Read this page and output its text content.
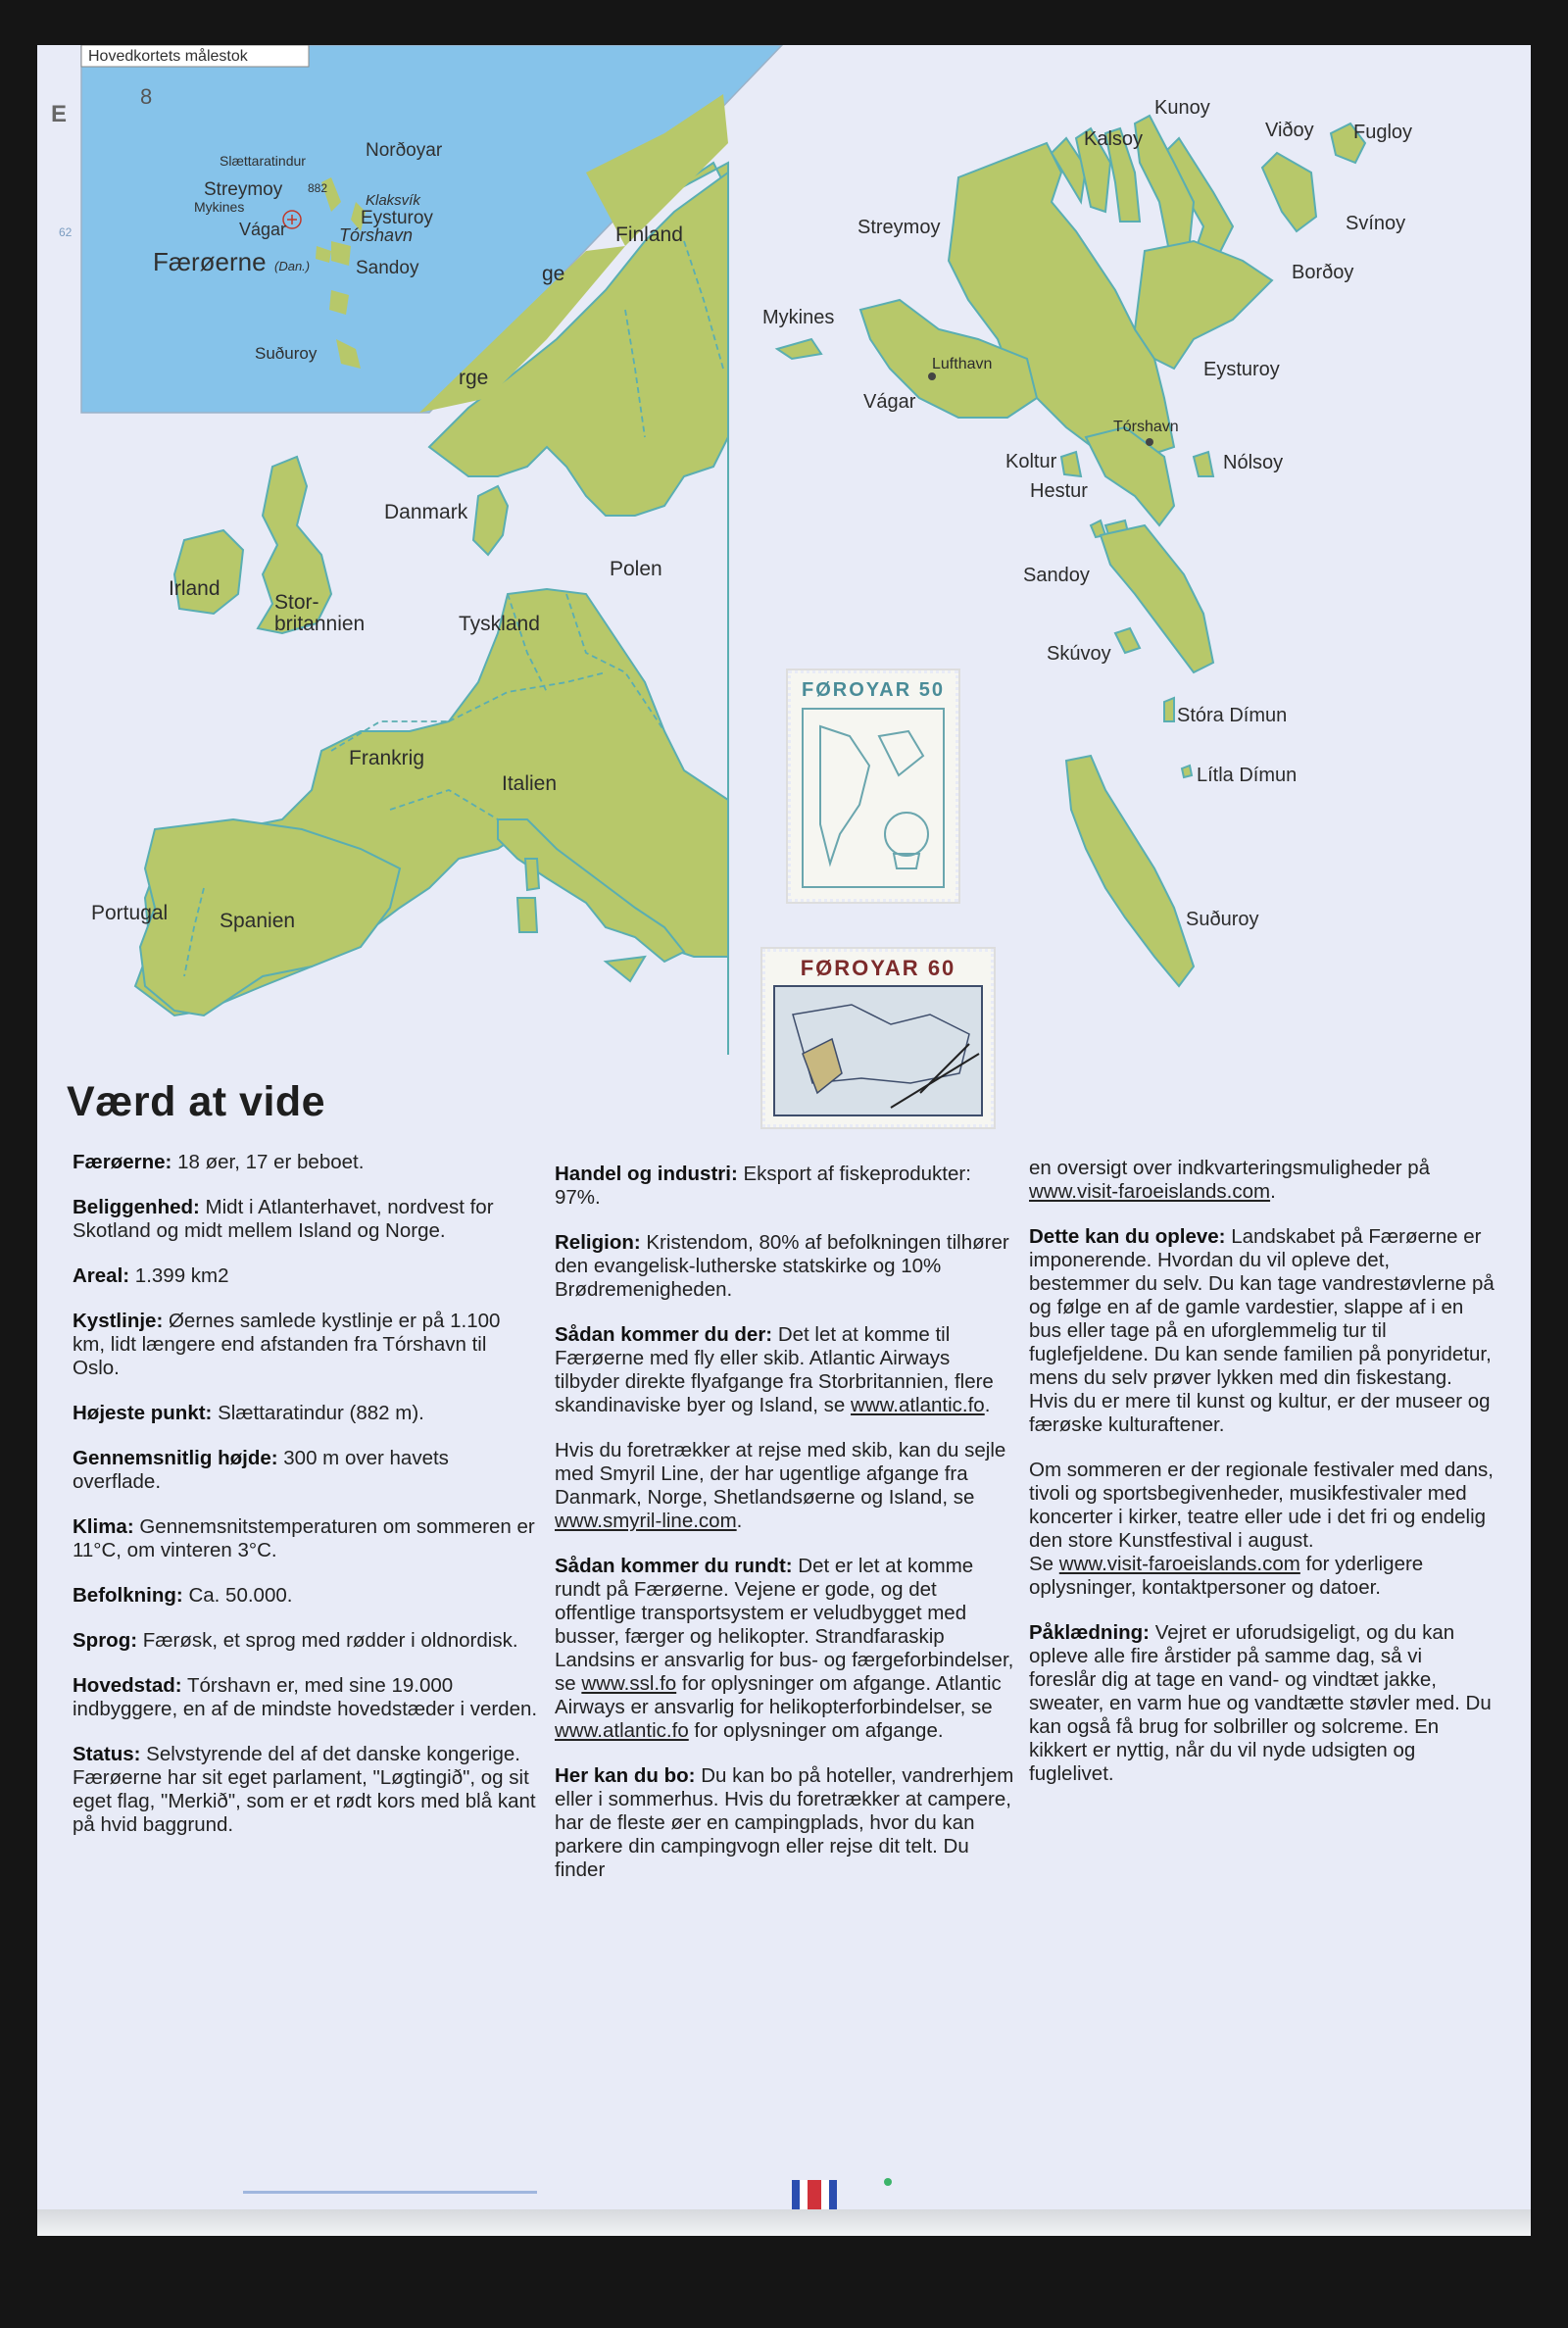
Hovedkortets målestok
8
E
62
Slættaratindur	Norðoyar
Streymoy 882
Mykines	Klaksvík
Eysturoy
Vágar	Tórshavn
Færøerne (Dan.) Sandoy
Suðuroy
Finland
rge
ge
Danmark
Irland
Stor-
britannien
Polen
Tyskland
Frankrig
Italien
Portugal	Spanien
Kunoy
Kalsoy	Viðoy Fugloy
Svínoy
Streymoy
Borðoy
Mykines
Lufthavn	Eysturoy
Vágar
Tórshavn
Koltur	Nólsoy
Hestur
Sandoy
Skúvoy
Stóra Dímun
Lítla Dímun
Suðuroy
FØROYAR 50
FØROYAR 60
Værd at vide

Færøerne: 18 øer, 17 er beboet.

Beliggenhed: Midt i Atlanterhavet, nordvest for Skotland og midt mellem Island og Norge.

Areal: 1.399 km2

Kystlinje: Øernes samlede kystlinje er på 1.100 km, lidt længere end afstanden fra Tórshavn til Oslo.

Højeste punkt: Slættaratindur (882 m).

Gennemsnitlig højde: 300 m over havets overflade.

Klima: Gennemsnitstemperaturen om sommeren er 11°C, om vinteren 3°C.

Befolkning: Ca. 50.000.

Sprog: Færøsk, et sprog med rødder i oldnordisk.

Hovedstad: Tórshavn er, med sine 19.000 indbyggere, en af de mindste hovedstæder i verden.

Status: Selvstyrende del af det danske kongerige. Færøerne har sit eget parlament, "Løgtingið", og sit eget flag, "Merkið", som er et rødt kors med blå kant på hvid baggrund.

Handel og industri: Eksport af fiskeprodukter: 97%.

Religion: Kristendom, 80% af befolkningen tilhører den evangelisk-lutherske statskirke og 10% Brødremenigheden.

Sådan kommer du der: Det let at komme til Færøerne med fly eller skib. Atlantic Airways tilbyder direkte flyafgange fra Storbritannien, flere skandinaviske byer og Island, se www.atlantic.fo.

Hvis du foretrækker at rejse med skib, kan du sejle med Smyril Line, der har ugentlige afgange fra Danmark, Norge, Shetlandsøerne og Island, se www.smyril-line.com.

Sådan kommer du rundt: Det er let at komme rundt på Færøerne. Vejene er gode, og det offentlige transportsystem er veludbygget med busser, færger og helikopter. Strandfaraskip Landsins er ansvarlig for bus- og færgeforbindelser, se www.ssl.fo for oplysninger om afgange. Atlantic Airways er ansvarlig for helikopterforbindelser, se www.atlantic.fo for oplysninger om afgange.

Her kan du bo: Du kan bo på hoteller, vandrerhjem eller i sommerhus. Hvis du foretrækker at campere, har de fleste øer en campingplads, hvor du kan parkere din campingvogn eller rejse dit telt. Du finder

en oversigt over indkvarteringsmuligheder på www.visit-faroeislands.com.

Dette kan du opleve: Landskabet på Færøerne er imponerende. Hvordan du vil opleve det, bestemmer du selv. Du kan tage vandrestøvlerne på og følge en af de gamle vardestier, slappe af i en bus eller tage på en uforglemmelig tur til fuglefjeldene. Du kan sende familien på ponyridetur, mens du selv prøver lykken med din fiskestang. Hvis du er mere til kunst og kultur, er der museer og færøske kulturaftener.

Om sommeren er der regionale festivaler med dans, tivoli og sportsbegivenheder, musikfestivaler med koncerter i kirker, teatre eller ude i det fri og endelig den store Kunstfestival i august.

Se www.visit-faroeislands.com for yderligere oplysninger, kontaktpersoner og datoer.

Påklædning: Vejret er uforudsigeligt, og du kan opleve alle fire årstider på samme dag, så vi foreslår dig at tage en vand- og vindtæt jakke, sweater, en varm hue og vandtætte støvler med. Du kan også få brug for solbriller og solcreme. En kikkert er nyttig, når du vil nyde udsigten og fuglelivet.
